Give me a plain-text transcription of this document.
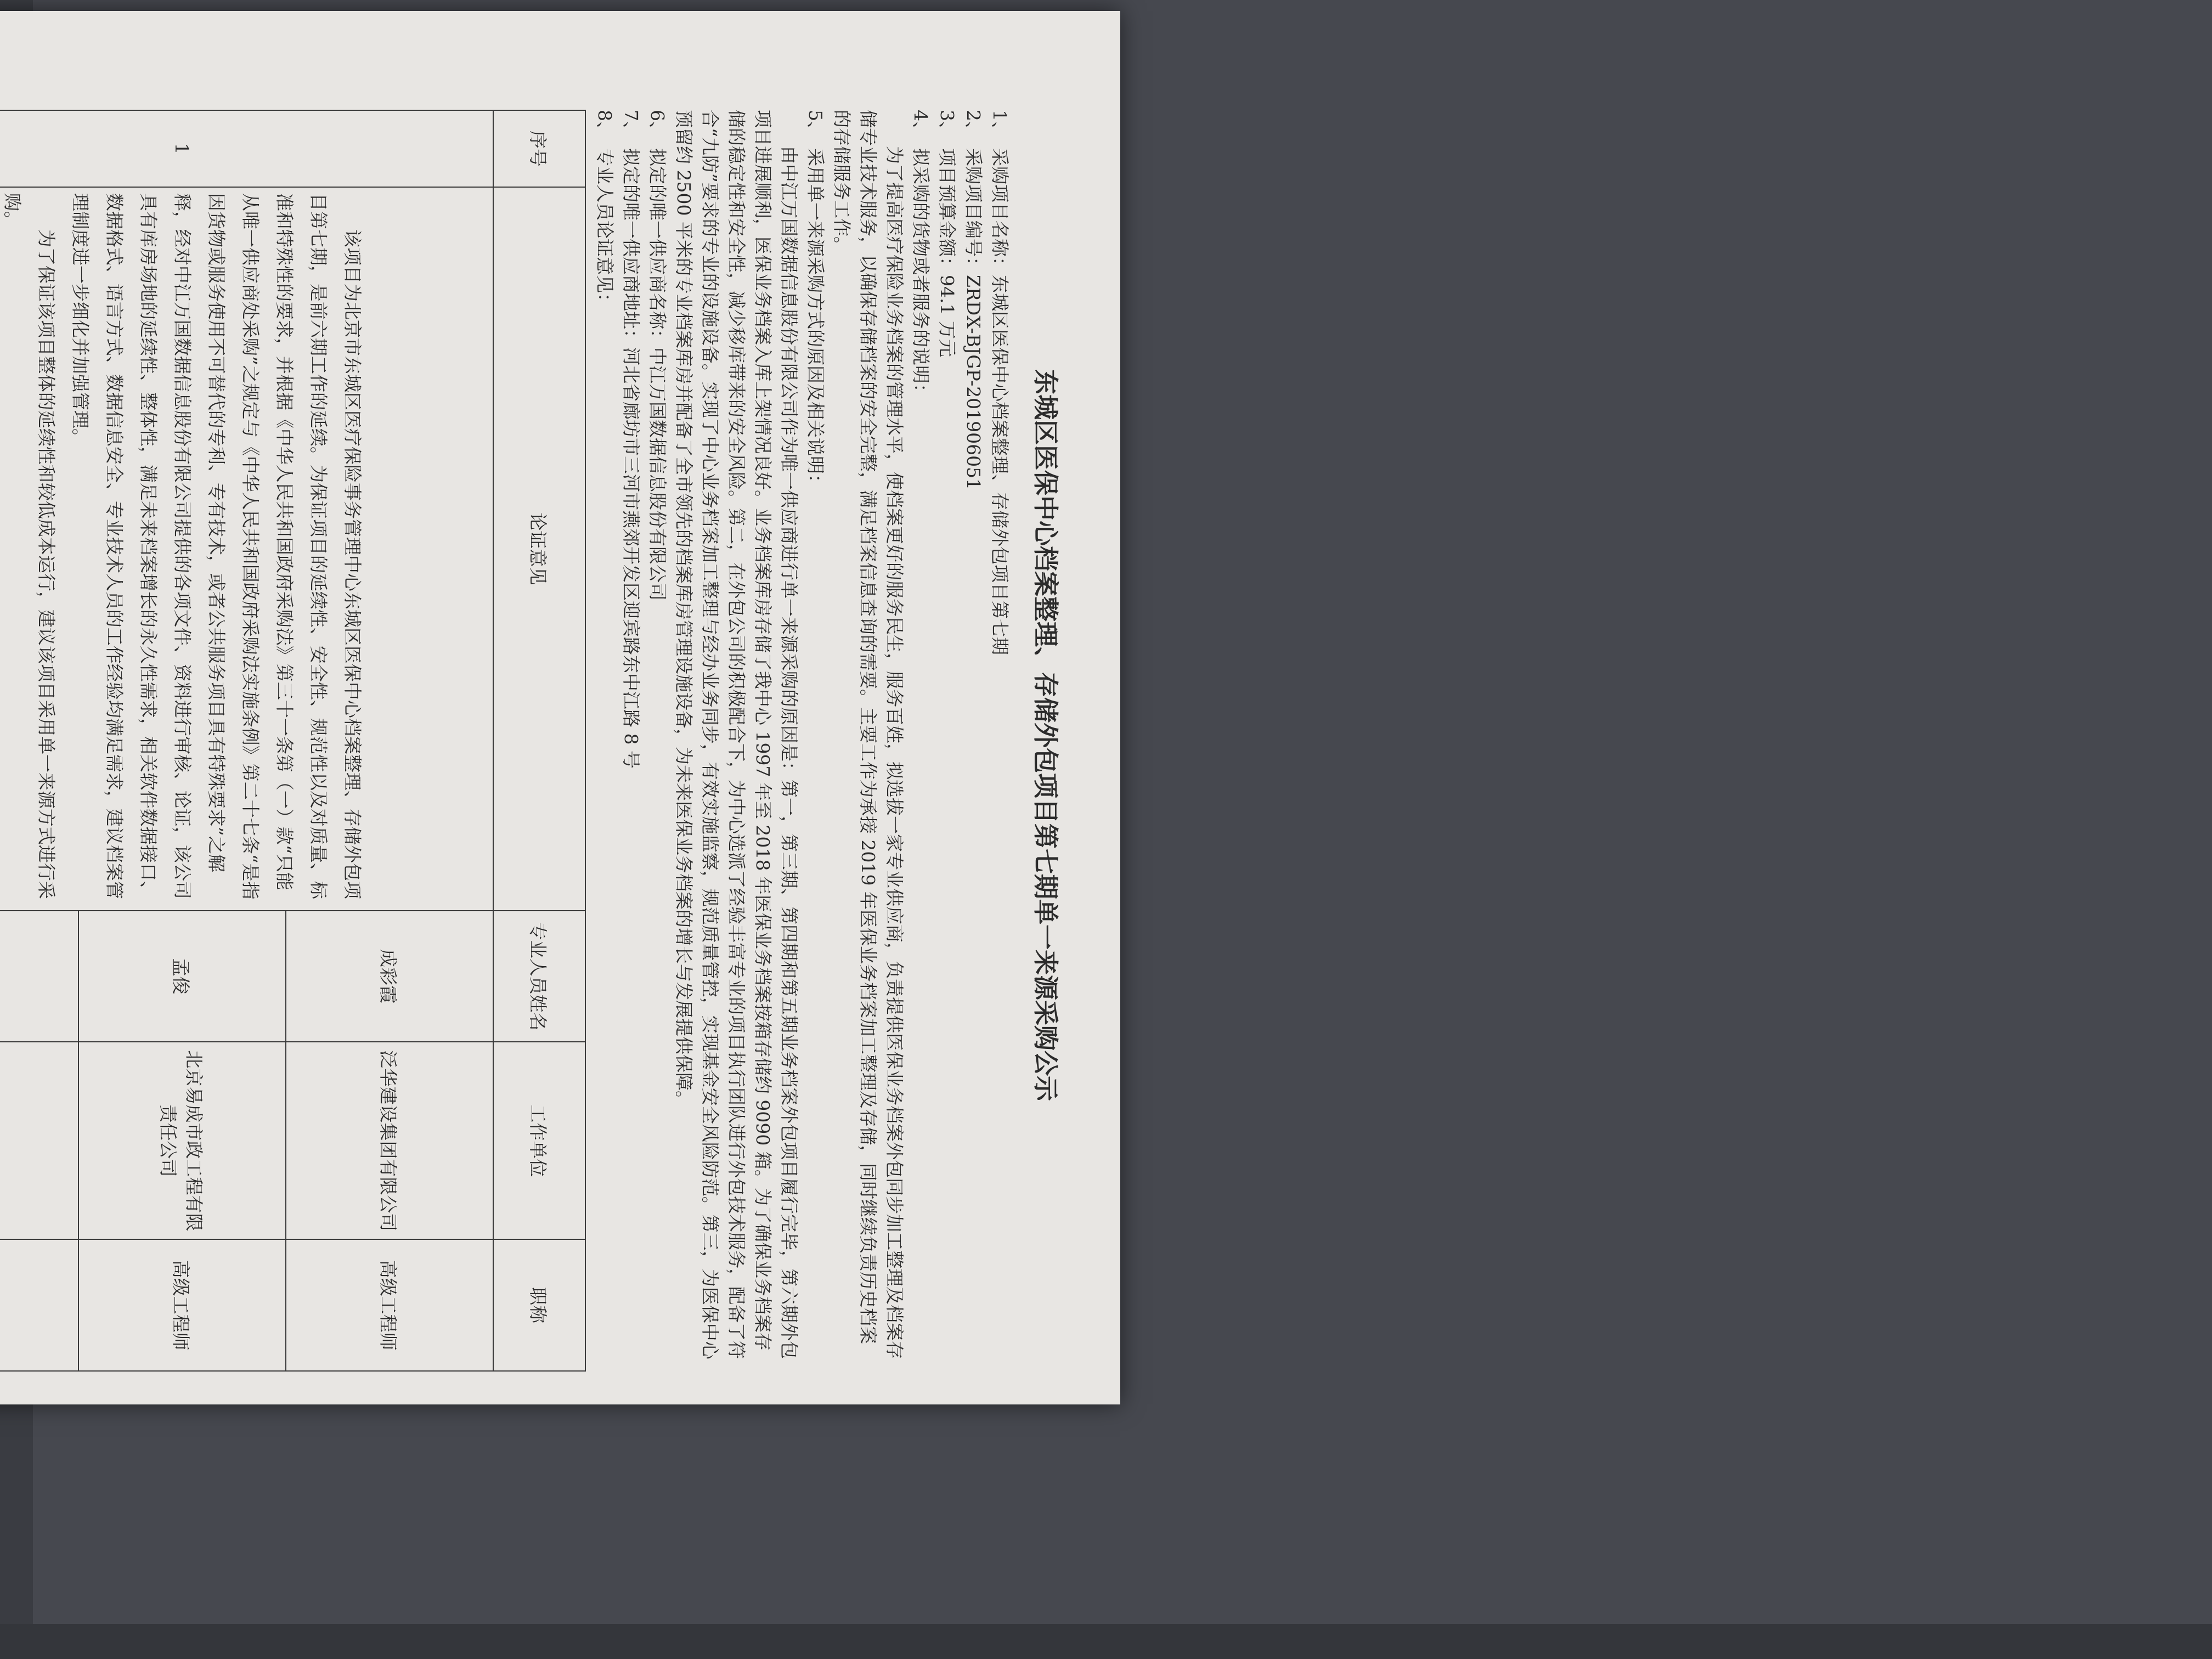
东城区医保中心档案整理、存储外包项目第七期单一来源采购公示
1、采购项目名称：东城区医保中心档案整理、存储外包项目第七期
2、采购项目编号：ZRDX-BJGP-201906051
3、项目预算金额：94.1 万元
4、拟采购的货物或者服务的说明：

为了提高医疗保险业务档案的管理水平，使档案更好的服务民生，服务百姓，拟选拔一家专业供应商，负责提供医保业务档案外包同步加工整理及档案存储专业技术服务，以确保存储档案的安全完整，满足档案信息查询的需要。主要工作为承接 2019 年医保业务档案加工整理及存储，同时继续负责历史档案的存储服务工作。

5、采用单一来源采购方式的原因及相关说明：

由中江万国数据信息股份有限公司作为唯一供应商进行单一来源采购的原因是：第一，第三期、第四期和第五期业务档案外包项目履行完毕，第六期外包项目进展顺利，医保业务档案入库上架情况良好。业务档案库房存储了我中心 1997 年至 2018 年医保业务档案按箱存储约 9090 箱。为了确保业务档案存储的稳定性和安全性，减少移库带来的安全风险。第二，在外包公司的积极配合下，为中心选派了经验丰富专业的项目执行团队进行外包技术服务，配备了符合“九防”要求的专业的设施设备。实现了中心业务档案加工整理与经办业务同步，有效实施监察，规范质量管控，实现基金安全风险防范。第三，为医保中心预留约 2500 平米的专业档案库房并配备了全市领先的档案库房管理设施设备，为未来医保业务档案的增长与发展提供保障。

6、拟定的唯一供应商名称：中江万国数据信息股份有限公司
7、拟定的唯一供应商地址：河北省廊坊市三河市燕郊开发区迎宾路东中江路 8 号
8、专业人员论证意见：
序号	论证意见	专业人员姓名	工作单位	职称
1	该项目为北京市东城区医疗保险事务管理中心东城区医保中心档案整理、存储外包项目第七期，是前六期工作的延续。为保证项目的延续性、安全性、规范性以及对质量、标准和特殊性的要求，并根据《中华人民共和国政府采购法》第三十一条第（一）款“只能从唯一供应商处采购”之规定与《中华人民共和国政府采购法实施条例》第二十七条“是指因货物或服务使用不可替代的专利、专有技术，或者公共服务项目具有特殊要求”之解释，经对中江万国数据信息股份有限公司提供的各项文件、资料进行审核、论证，该公司具有库房场地的延续性、整体性，满足未来档案增长的永久性需求，相关软件数据接口、数据格式、语言方式、数据信息安全、专业技术人员的工作经验均满足需求，建议档案管理制度进一步细化并加强管理。

为了保证该项目整体的延续性和较低成本运行，建议该项目采用单一来源方式进行采购。	成彩霞	泛华建设集团有限公司	高级工程师
		孟俊	北京易成市政工程有限责任公司	高级工程师
